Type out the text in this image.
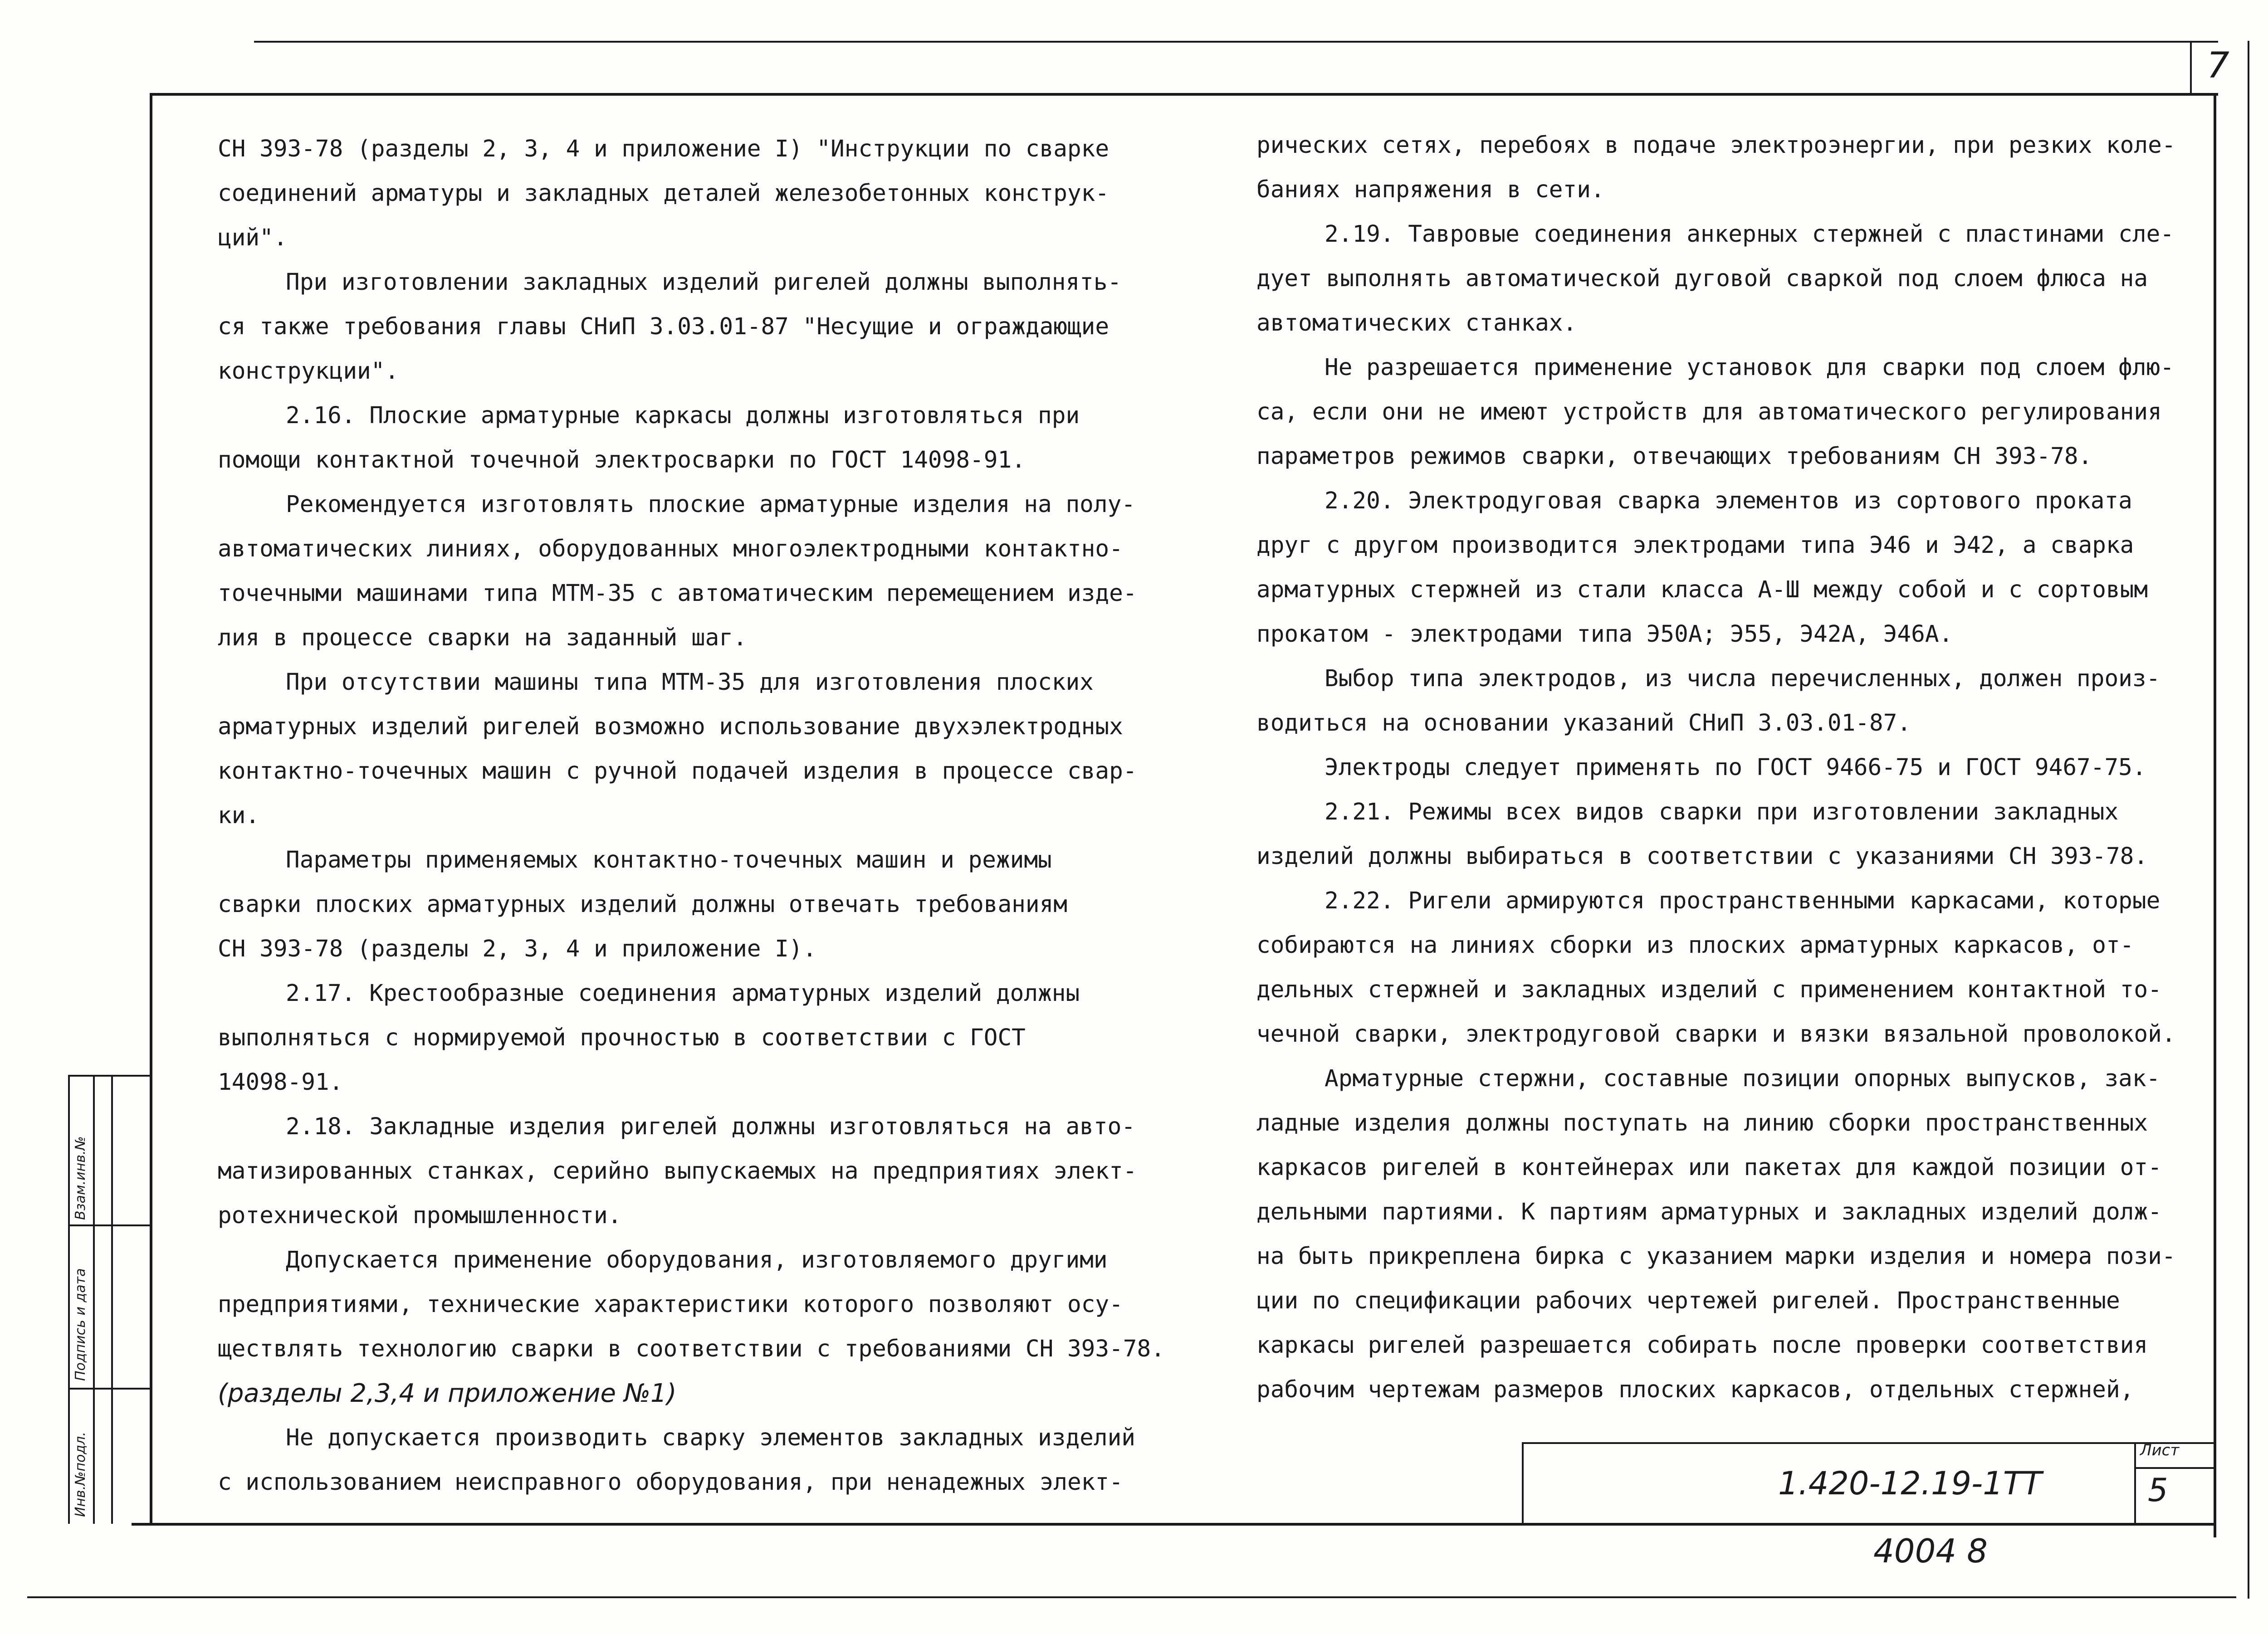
7
Инв.№подл.
Подпись и дата
Взам.инв.№
1.420-12.19-1ТТ
Лист
5
4004 8

СН 393-78 (разделы 2, 3, 4 и приложение I) "Инструкции по сварке

соединений арматуры и закладных деталей железобетонных конструк-

ций".

При изготовлении закладных изделий ригелей должны выполнять-

ся также требования главы СНиП 3.03.01-87 "Несущие и ограждающие

конструкции".

2.16. Плоские арматурные каркасы должны изготовляться при

помощи контактной точечной электросварки по ГОСТ 14098-91.

Рекомендуется изготовлять плоские арматурные изделия на полу-

автоматических линиях, оборудованных многоэлектродными контактно-

точечными машинами типа МТМ-35 с автоматическим перемещением изде-

лия в процессе сварки на заданный шаг.

При отсутствии машины типа МТМ-35 для изготовления плоских

арматурных изделий ригелей возможно использование двухэлектродных

контактно-точечных машин с ручной подачей изделия в процессе свар-

ки.

Параметры применяемых контактно-точечных машин и режимы

сварки плоских арматурных изделий должны отвечать требованиям

СН 393-78 (разделы 2, 3, 4 и приложение I).

2.17. Крестообразные соединения арматурных изделий должны

выполняться с нормируемой прочностью в соответствии с ГОСТ

14098-91.

2.18. Закладные изделия ригелей должны изготовляться на авто-

матизированных станках, серийно выпускаемых на предприятиях элект-

ротехнической промышленности.

Допускается применение оборудования, изготовляемого другими

предприятиями, технические характеристики которого позволяют осу-

ществлять технологию сварки в соответствии с требованиями СН 393-78.

(разделы 2,3,4 и приложение №1)

Не допускается производить сварку элементов закладных изделий

с использованием неисправного оборудования, при ненадежных элект-

рических сетях, перебоях в подаче электроэнергии, при резких коле-

баниях напряжения в сети.

2.19. Тавровые соединения анкерных стержней с пластинами сле-

дует выполнять автоматической дуговой сваркой под слоем флюса на

автоматических станках.

Не разрешается применение установок для сварки под слоем флю-

са, если они не имеют устройств для автоматического регулирования

параметров режимов сварки, отвечающих требованиям СН 393-78.

2.20. Электродуговая сварка элементов из сортового проката

друг с другом производится электродами типа Э46 и Э42, а сварка

арматурных стержней из стали класса А-Ш между собой и с сортовым

прокатом - электродами типа Э50А; Э55, Э42А, Э46А.

Выбор типа электродов, из числа перечисленных, должен произ-

водиться на основании указаний СНиП 3.03.01-87.

Электроды следует применять по ГОСТ 9466-75 и ГОСТ 9467-75.

2.21. Режимы всех видов сварки при изготовлении закладных

изделий должны выбираться в соответствии с указаниями СН 393-78.

2.22. Ригели армируются пространственными каркасами, которые

собираются на линиях сборки из плоских арматурных каркасов, от-

дельных стержней и закладных изделий с применением контактной то-

чечной сварки, электродуговой сварки и вязки вязальной проволокой.

Арматурные стержни, составные позиции опорных выпусков, зак-

ладные изделия должны поступать на линию сборки пространственных

каркасов ригелей в контейнерах или пакетах для каждой позиции от-

дельными партиями. К партиям арматурных и закладных изделий долж-

на быть прикреплена бирка с указанием марки изделия и номера пози-

ции по спецификации рабочих чертежей ригелей. Пространственные

каркасы ригелей разрешается собирать после проверки соответствия

рабочим чертежам размеров плоских каркасов, отдельных стержней,
